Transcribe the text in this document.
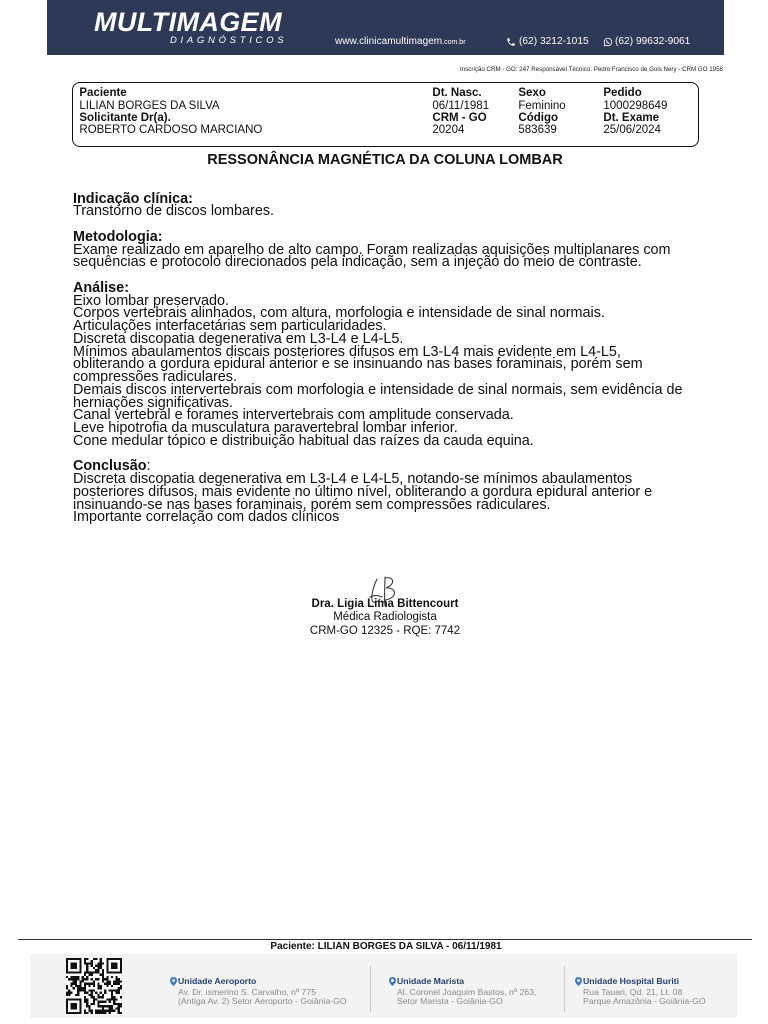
MULTIMAGEM
DIAGNÓSTICOS	www.clinicamultimagem.com.br	(62) 3212-1015	(62) 99632-9061
Inscrição CRM - GO: 247 Responsável Técnico: Pedro Francisco de Gois Nery - CRM GO 1958
Paciente	Dt. Nasc.	Sexo	Pedido
LILIAN BORGES DA SILVA	06/11/1981	Feminino	1000298649
Solicitante Dr(a).	CRM - GO	Código	Dt. Exame
ROBERTO CARDOSO MARCIANO	20204	583639	25/06/2024
RESSONÂNCIA MAGNÉTICA DA COLUNA LOMBAR
Indicação clínica:
Transtorno de discos lombares.
Metodologia:
Exame realizado em aparelho de alto campo. Foram realizadas aquisições multiplanares com
sequências e protocolo direcionados pela indicação, sem a injeção do meio de contraste.
Análise:
Eixo lombar preservado.
Corpos vertebrais alinhados, com altura, morfologia e intensidade de sinal normais.
Articulações interfacetárias sem particularidades.
Discreta discopatia degenerativa em L3-L4 e L4-L5.
Mínimos abaulamentos discais posteriores difusos em L3-L4 mais evidente em L4-L5,
obliterando a gordura epidural anterior e se insinuando nas bases foraminais, porém sem
compressões radiculares.
Demais discos intervertebrais com morfologia e intensidade de sinal normais, sem evidência de
herniações significativas.
Canal vertebral e forames intervertebrais com amplitude conservada.
Leve hipotrofia da musculatura paravertebral lombar inferior.
Cone medular tópico e distribuição habitual das raízes da cauda equina.
Conclusão:
Discreta discopatia degenerativa em L3-L4 e L4-L5, notando-se mínimos abaulamentos
posteriores difusos, mais evidente no último nível, obliterando a gordura epidural anterior e
insinuando-se nas bases foraminais, porém sem compressões radiculares.
Importante correlação com dados clínicos
Dra. Ligia Lima Bittencourt
Médica Radiologista
CRM-GO 12325 - RQE: 7742
Paciente: LILIAN BORGES DA SILVA - 06/11/1981
Unidade Aeroporto
Av. Dr. ismerino S. Carvalho, nº 775
(Antiga Av. 2) Setor Aeroporto - Goiânia-GO
Unidade Marista
Al. Coronel Joaquim Bastos, nº 263,
Setor Marista - Goiânia-GO
Unidade Hospital Buriti
Rua Tauari, Qd. 21, Lt. 08
Parque Amazônia - Goiânia-GO
